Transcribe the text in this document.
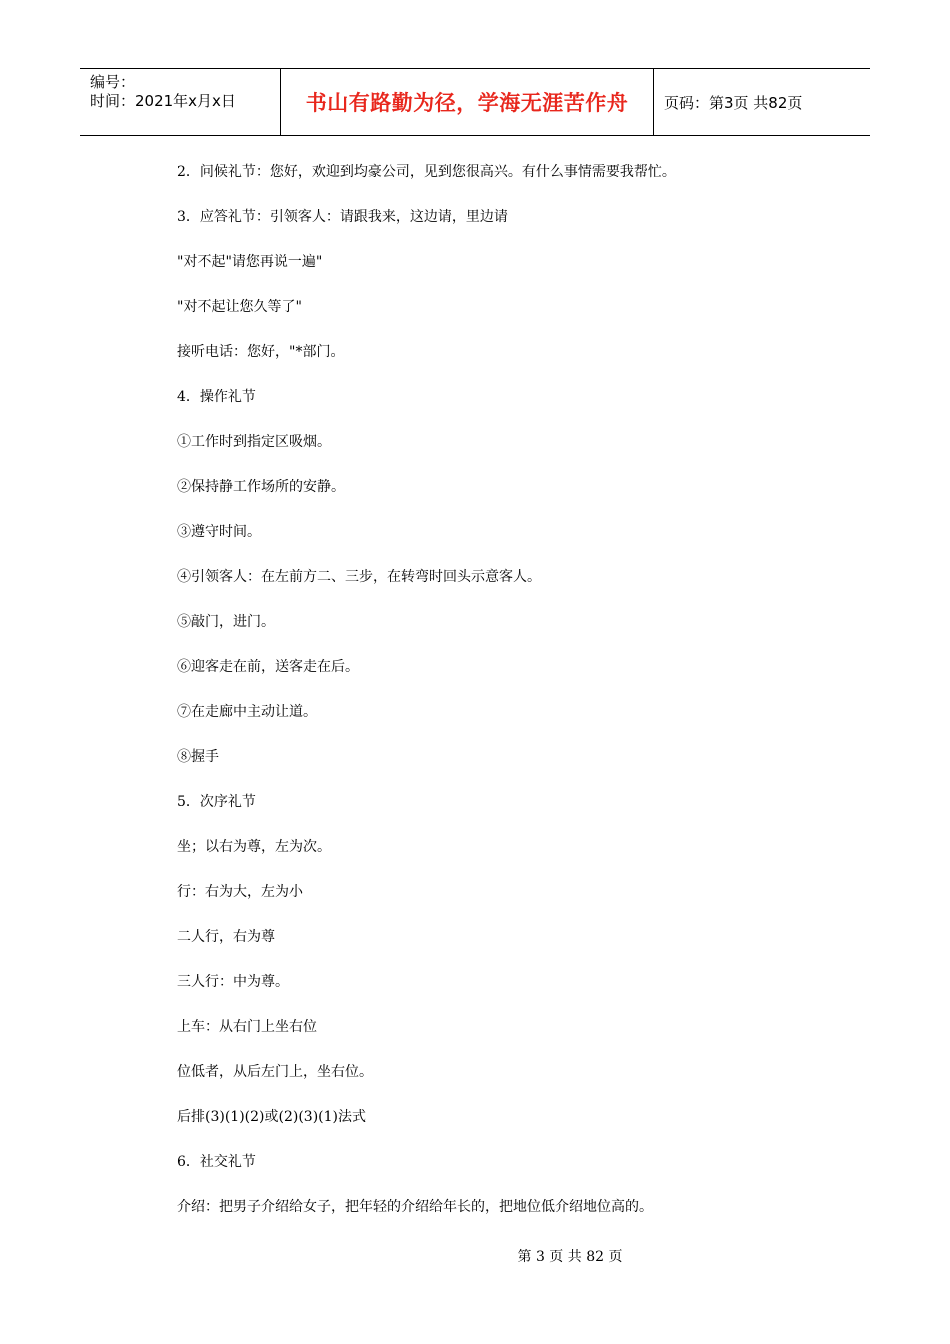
编号：
时间：2021年x月x日	书山有路勤为径，学海无涯苦作舟	页码：第3页 共82页
2．问候礼节：您好，欢迎到均豪公司，见到您很高兴。有什么事情需要我帮忙。
3．应答礼节：引领客人：请跟我来，这边请，里边请
"对不起"请您再说一遍"
"对不起让您久等了"
接听电话：您好，"*部门。
4．操作礼节
①工作时到指定区吸烟。
②保持静工作场所的安静。
③遵守时间。
④引领客人：在左前方二、三步，在转弯时回头示意客人。
⑤敲门，进门。
⑥迎客走在前，送客走在后。
⑦在走廊中主动让道。
⑧握手
5．次序礼节
坐；以右为尊，左为次。
行：右为大，左为小
二人行，右为尊
三人行：中为尊。
上车：从右门上坐右位
位低者，从后左门上，坐右位。
后排(3)(1)(2)或(2)(3)(1)法式
6．社交礼节
介绍：把男子介绍给女子，把年轻的介绍给年长的，把地位低介绍地位高的。
第 3 页 共 82 页
